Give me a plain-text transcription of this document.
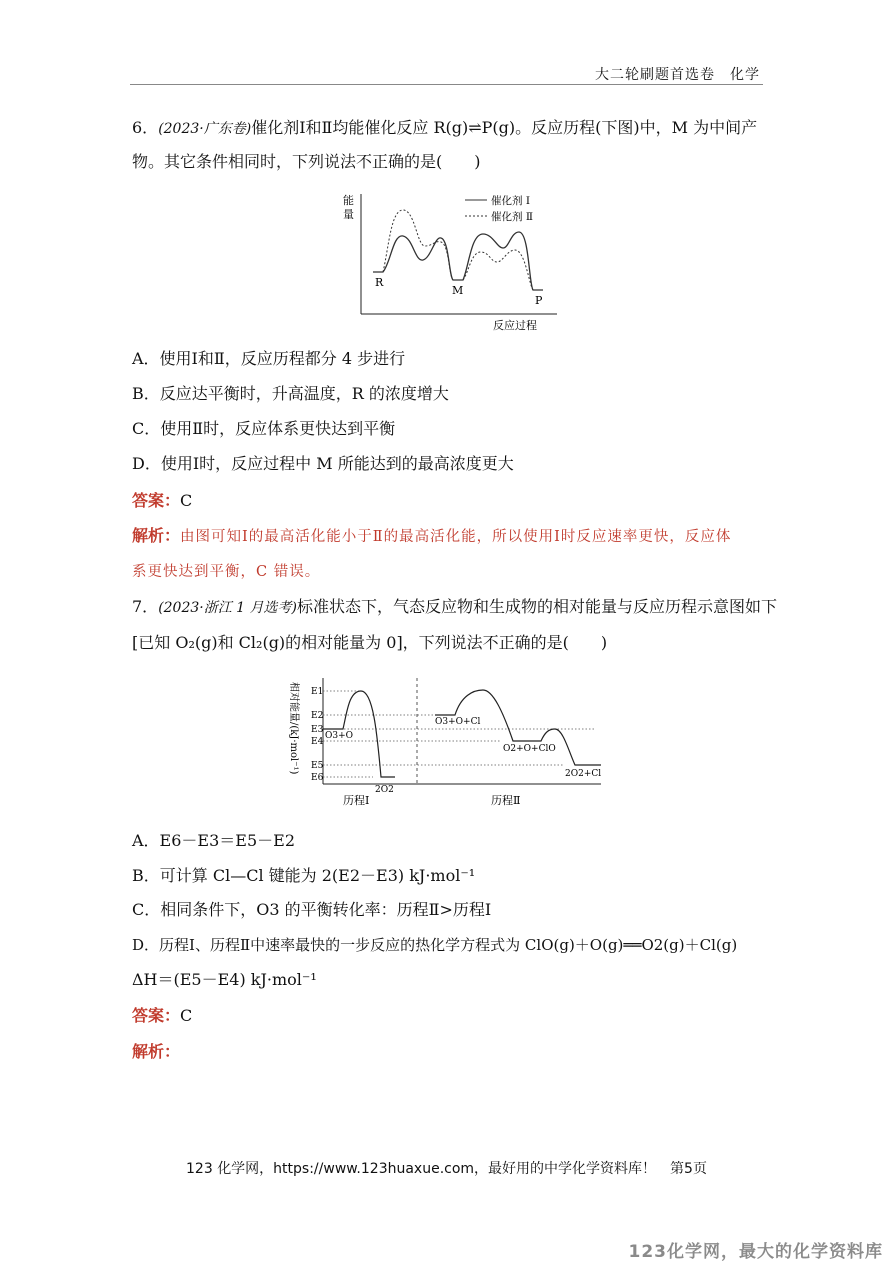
大二轮刷题首选卷　化学
6．(2023·广东卷)催化剂Ⅰ和Ⅱ均能催化反应 R(g)⇌P(g)。反应历程(下图)中，M 为中间产
物。其它条件相同时，下列说法不正确的是(　　)
能
量
反应过程
催化剂 Ⅰ
催化剂 Ⅱ
R
M
P
A．使用Ⅰ和Ⅱ，反应历程都分 4 步进行
B．反应达平衡时，升高温度，R 的浓度增大
C．使用Ⅱ时，反应体系更快达到平衡
D．使用Ⅰ时，反应过程中 M 所能达到的最高浓度更大
答案：C
解析：由图可知Ⅰ的最高活化能小于Ⅱ的最高活化能，所以使用Ⅰ时反应速率更快，反应体
系更快达到平衡，C 错误。
7．(2023·浙江 1 月选考)标准状态下，气态反应物和生成物的相对能量与反应历程示意图如下
[已知 O₂(g)和 Cl₂(g)的相对能量为 0]，下列说法不正确的是(　　)
相对能量/(kJ·mol⁻¹) E1
E2
E3
E4
E5
E6
O3+O
2O2
O3+O+Cl
O2+O+ClO
2O2+Cl
历程Ⅰ	历程Ⅱ
A．E6－E3＝E5－E2
B．可计算 Cl—Cl 键能为 2(E2－E3) kJ·mol⁻¹
C．相同条件下，O3 的平衡转化率：历程Ⅱ>历程Ⅰ
D．历程Ⅰ、历程Ⅱ中速率最快的一步反应的热化学方程式为 ClO(g)＋O(g)══O2(g)＋Cl(g)
ΔH＝(E5－E4) kJ·mol⁻¹
答案：C
解析：
123 化学网，https://www.123huaxue.com，最好用的中学化学资料库！　第5页
123化学网，最大的化学资料库
